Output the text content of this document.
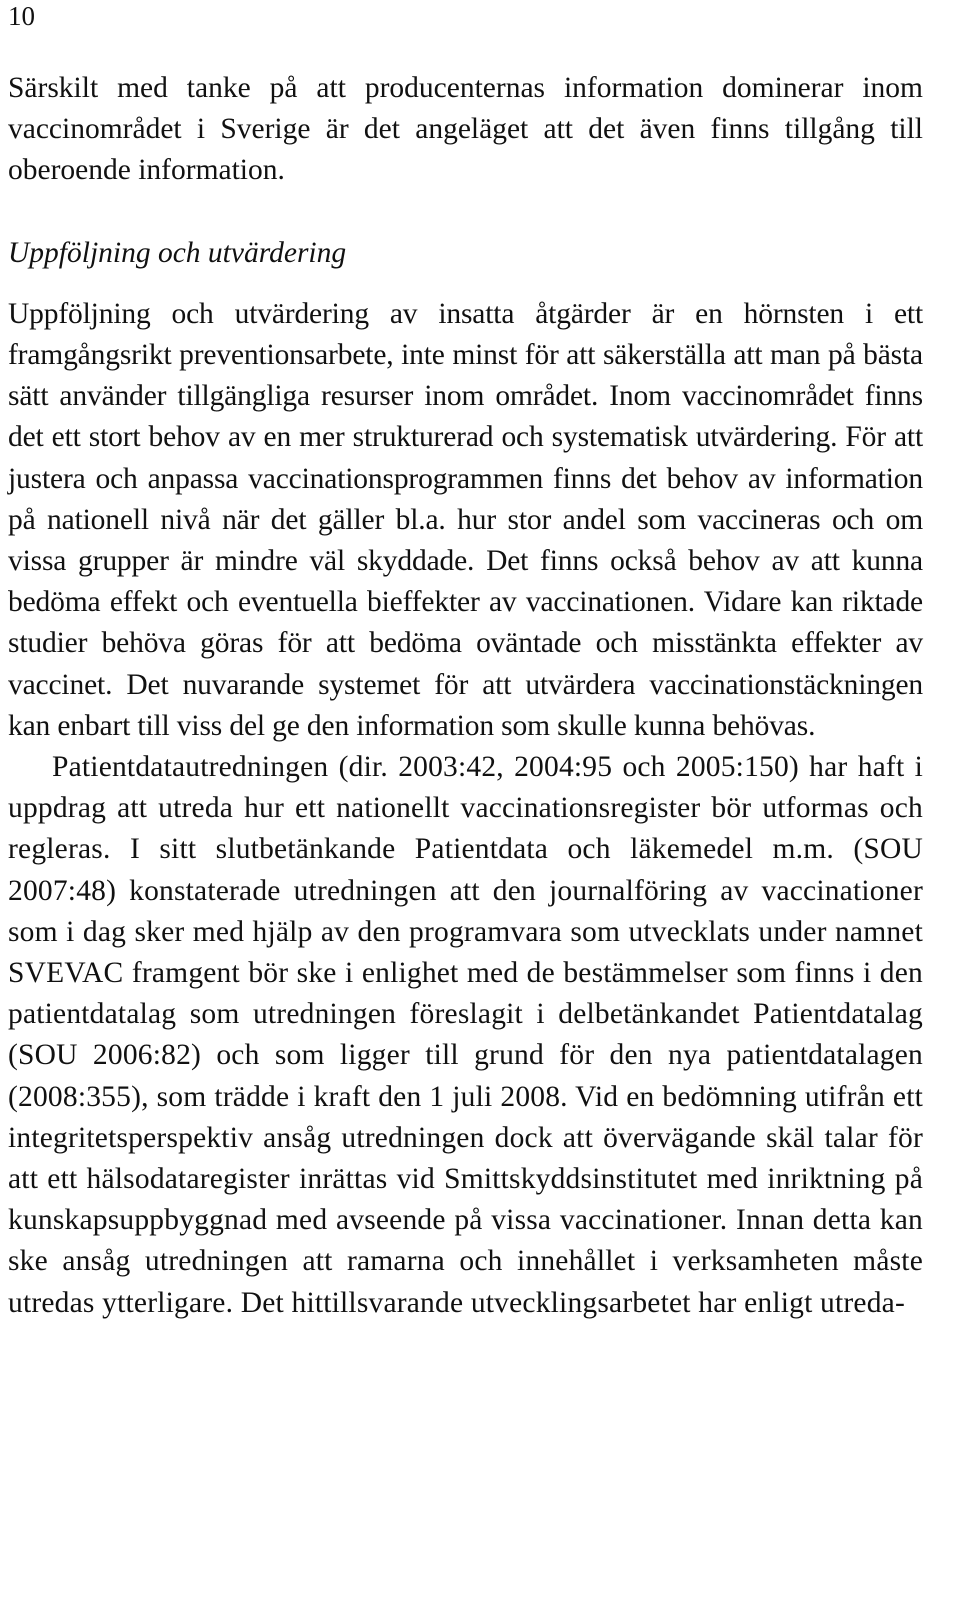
10

Särskilt med tanke på att producenternas information dominerar inom vaccinområdet i Sverige är det angeläget att det även finns tillgång till oberoende information.

Uppföljning och utvärdering

Uppföljning och utvärdering av insatta åtgärder är en hörnsten i ett framgångsrikt preventionsarbete, inte minst för att säkerställa att man på bästa sätt använder tillgängliga resurser inom området. Inom vaccinområdet finns det ett stort behov av en mer strukturerad och systematisk utvärdering. För att justera och anpassa vaccinationsprogrammen finns det behov av information på nationell nivå när det gäller bl.a. hur stor andel som vaccineras och om vissa grupper är mindre väl skyddade. Det finns också behov av att kunna bedöma effekt och eventuella bieffekter av vaccinationen. Vidare kan riktade studier behöva göras för att bedöma oväntade och misstänkta effekter av vaccinet. Det nuvarande systemet för att utvärdera vaccinationstäckningen kan enbart till viss del ge den information som skulle kunna behövas.

Patientdatautredningen (dir. 2003:42, 2004:95 och 2005:150) har haft i uppdrag att utreda hur ett nationellt vaccinationsregister bör utformas och regleras. I sitt slutbetänkande Patientdata och läkemedel m.m. (SOU 2007:48) konstaterade utredningen att den journalföring av vaccinationer som i dag sker med hjälp av den programvara som utvecklats under namnet SVEVAC framgent bör ske i enlighet med de bestämmelser som finns i den patientdatalag som utredningen föreslagit i delbetänkandet Patientdatalag (SOU 2006:82) och som ligger till grund för den nya patientdatalagen (2008:355), som trädde i kraft den 1 juli 2008. Vid en bedömning utifrån ett integritetsperspektiv ansåg utredningen dock att övervägande skäl talar för att ett hälsodataregister inrättas vid Smittskyddsinstitutet med inriktning på kunskapsuppbyggnad med avseende på vissa vaccinationer. Innan detta kan ske ansåg utredningen att ramarna och innehållet i verksamheten måste utredas ytterligare. Det hittillsvarande utvecklingsarbetet har enligt utreda-
